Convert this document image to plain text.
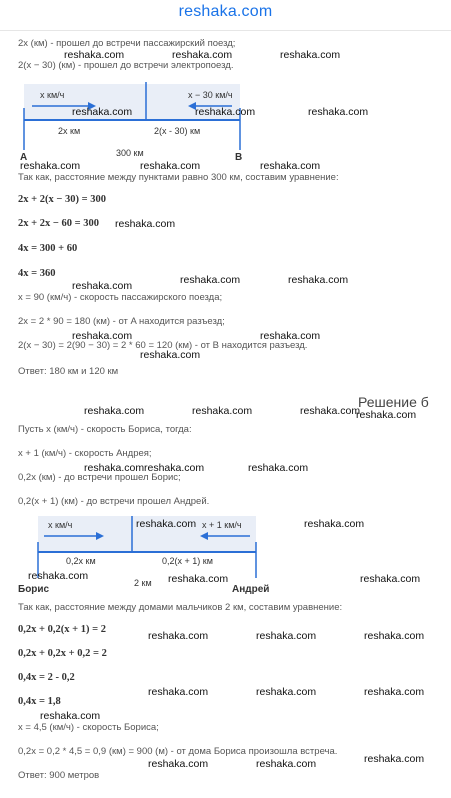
reshaka.com
2x (км) - прошел до встречи пассажирский поезд;
2(x − 30) (км) - прошел до встречи электропоезд.
x км/ч	x − 30 км/ч
2x км	2(x - 30) км
300 км
A	B
Так как, расстояние между пунктами равно 300 км, составим уравнение:
2x + 2(x − 30) = 300
2x + 2x − 60 = 300
4x = 300 + 60
4x = 360
x = 90 (км/ч) - скорость пассажирского поезда;
2x = 2 * 90 = 180 (км) - от A находится разъезд;
2(x − 30) = 2(90 − 30) = 2 * 60 = 120 (км) - от B находится разъезд.
Ответ: 180 км и 120 км
Решение б
Пусть x (км/ч) - скорость Бориса, тогда:
x + 1 (км/ч) - скорость Андрея;
0,2x (км) - до встречи прошел Борис;
0,2(x + 1) (км) - до встречи прошел Андрей.
x км/ч	x + 1 км/ч
0,2x км	0,2(x + 1) км
2 км
Борис	Андрей
Так как, расстояние между домами мальчиков 2 км, составим уравнение:
0,2x + 0,2(x + 1) = 2
0,2x + 0,2x + 0,2 = 2
0,4x = 2 - 0,2
0,4x = 1,8
x = 4,5 (км/ч) - скорость Бориса;
0,2x = 0,2 * 4,5 = 0,9 (км) = 900 (м) - от дома Бориса произошла встреча.
Ответ: 900 метров
reshaka.com	reshaka.com	reshaka.com
reshaka.com	reshaka.com	reshaka.com
reshaka.com	reshaka.com	reshaka.com
reshaka.com
reshaka.com	reshaka.com
reshaka.com
reshaka.com	reshaka.com
reshaka.com
reshaka.com	reshaka.com	reshaka.com
reshaka.com
reshaka.com reshaka.com	reshaka.com
reshaka.com	reshaka.com
reshaka.com	reshaka.com	reshaka.com
reshaka.com	reshaka.com	reshaka.com
reshaka.com	reshaka.com	reshaka.com
reshaka.com
reshaka.com	reshaka.com	reshaka.com
